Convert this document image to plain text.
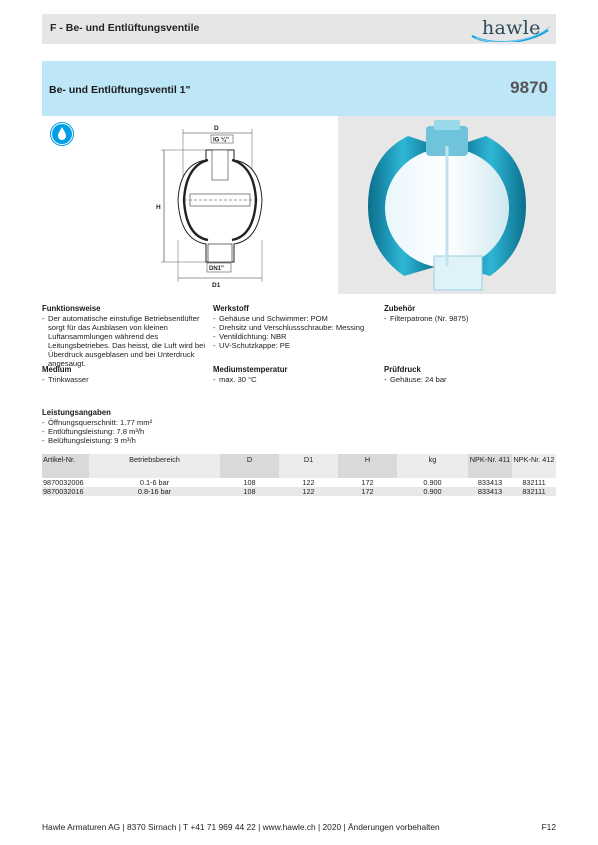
F - Be- und Entlüftungsventile	hawle
Be- und Entlüftungsventil 1"	9870
D
IG ¼"
H
DN1"
D1
Funktionsweise
- Der automatische einstufige Betriebsentlüfter sorgt für das Ausblasen von kleinen Luftansammlungen während des Leitungsbetriebes. Das heisst, die Luft wird bei Überdruck ausgeblasen und bei Unterdruck angesaugt.
Werkstoff
- Gehäuse und Schwimmer: POM
- Drehsitz und Verschlussschraube: Messing
- Ventildichtung: NBR
- UV-Schutzkappe: PE
Zubehör
- Filterpatrone (Nr. 9875)
Medium
- Trinkwasser
Mediumstemperatur
- max. 30 °C
Prüfdruck
- Gehäuse: 24 bar
Leistungsangaben
- Öffnungsquerschnitt: 1.77 mm²
- Entlüftungsleistung: 7.8 m³/h
- Belüftungsleistung: 9 m³/h
Artikel-Nr.	Betriebsbereich	D	D1	H	kg	NPK-Nr. 411	NPK-Nr. 412
9870032006	0.1-6 bar	108	122	172	0.900	833413	832111
9870032016	0.8-16 bar	108	122	172	0.900	833413	832111
Hawle Armaturen AG | 8370 Sirnach | T +41 71 969 44 22 | www.hawle.ch | 2020 | Änderungen vorbehalten	F12
